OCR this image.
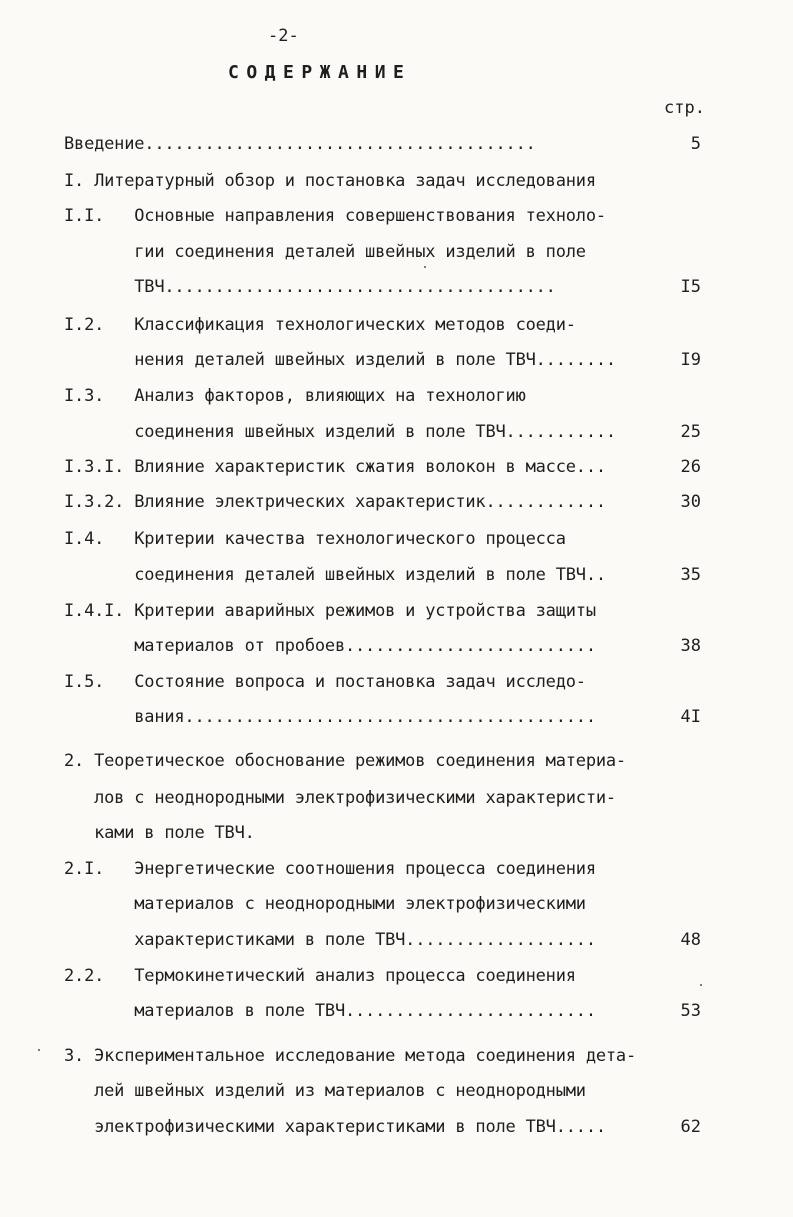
-2-
СОДЕРЖАНИЕ
стр.
Введение.......................................	5
I. Литературный обзор и постановка задач исследования
I.I.   Основные направления совершенствования техноло-
гии соединения деталей швейных изделий в поле
ТВЧ.......................................	I5
I.2.   Классификация технологических методов соеди-
нения деталей швейных изделий в поле ТВЧ........	I9
I.3.   Анализ факторов, влияющих на технологию
соединения швейных изделий в поле ТВЧ...........	25
I.3.I. Влияние характеристик сжатия волокон в массе...	26
I.3.2. Влияние электрических характеристик............	30
I.4.   Критерии качества технологического процесса
соединения деталей швейных изделий в поле ТВЧ..	35
I.4.I. Критерии аварийных режимов и устройства защиты
материалов от пробоев.........................	38
I.5.   Состояние вопроса и постановка задач исследо-
вания.........................................	4I
2. Теоретическое обоснование режимов соединения материа-
лов с неоднородными электрофизическими характеристи-
ками в поле ТВЧ.
2.I.   Энергетические соотношения процесса соединения
материалов с неоднородными электрофизическими
характеристиками в поле ТВЧ...................	48
2.2.   Термокинетический анализ процесса соединения
материалов в поле ТВЧ.........................	53
3. Экспериментальное исследование метода соединения дета-
лей швейных изделий из материалов с неоднородными
электрофизическими характеристиками в поле ТВЧ.....	62
